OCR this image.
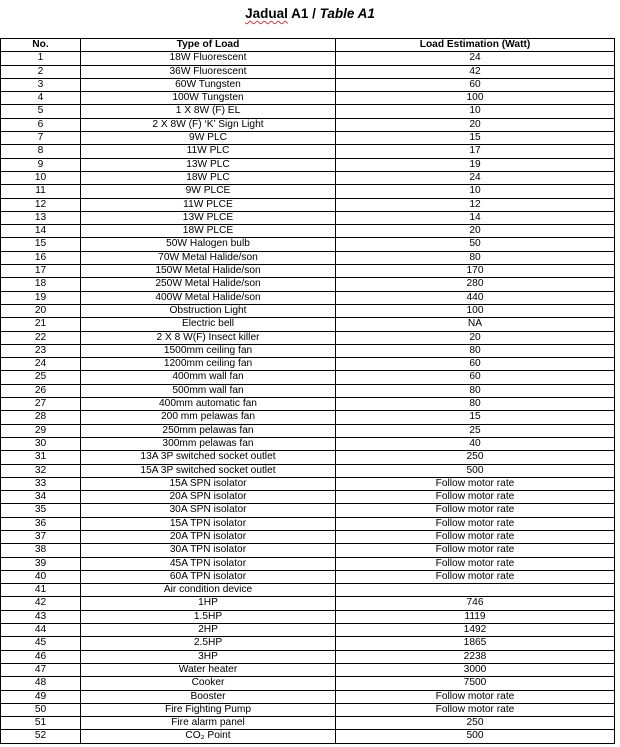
Jadual A1 / Table A1
No.	Type of Load	Load Estimation (Watt)
1	18W Fluorescent	24
2	36W Fluorescent	42
3	60W Tungsten	60
4	100W Tungsten	100
5	1 X 8W (F) EL	10
6	2 X 8W (F) ‘K’ Sign Light	20
7	9W PLC	15
8	11W PLC	17
9	13W PLC	19
10	18W PLC	24
11	9W PLCE	10
12	11W PLCE	12
13	13W PLCE	14
14	18W PLCE	20
15	50W Halogen bulb	50
16	70W Metal Halide/son	80
17	150W Metal Halide/son	170
18	250W Metal Halide/son	280
19	400W Metal Halide/son	440
20	Obstruction Light	100
21	Electric bell	NA
22	2 X 8 W(F) Insect killer	20
23	1500mm ceiling fan	80
24	1200mm ceiling fan	60
25	400mm wall fan	60
26	500mm wall fan	80
27	400mm automatic fan	80
28	200 mm pelawas fan	15
29	250mm pelawas fan	25
30	300mm pelawas fan	40
31	13A 3P switched socket outlet	250
32	15A 3P switched socket outlet	500
33	15A SPN isolator	Follow motor rate
34	20A SPN isolator	Follow motor rate
35	30A SPN isolator	Follow motor rate
36	15A TPN isolator	Follow motor rate
37	20A TPN isolator	Follow motor rate
38	30A TPN isolator	Follow motor rate
39	45A TPN isolator	Follow motor rate
40	60A TPN isolator	Follow motor rate
41	Air condition device	
42	1HP	746
43	1.5HP	1119
44	2HP	1492
45	2.5HP	1865
46	3HP	2238
47	Water heater	3000
48	Cooker	7500
49	Booster	Follow motor rate
50	Fire Fighting Pump	Follow motor rate
51	Fire alarm panel	250
52	CO₂ Point	500
